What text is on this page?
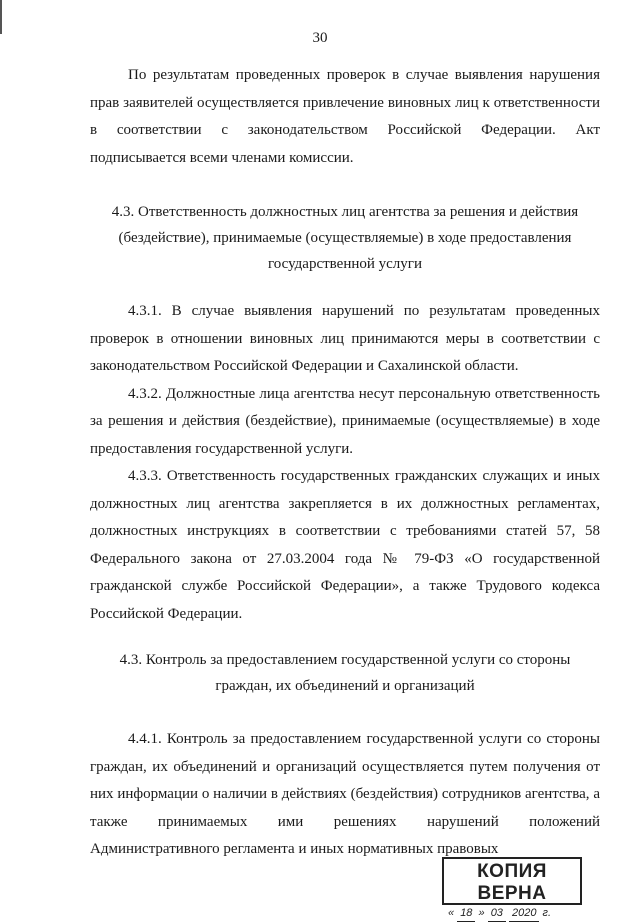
30

По результатам проведенных проверок в случае выявления нарушения прав заявителей осуществляется привлечение виновных лиц к ответственности в соответствии с законодательством Российской Федерации. Акт подписывается всеми членами комиссии.

4.3. Ответственность должностных лиц агентства за решения и действия (бездействие), принимаемые (осуществляемые) в ходе предоставления государственной услуги

4.3.1. В случае выявления нарушений по результатам проведенных проверок в отношении виновных лиц принимаются меры в соответствии с законодательством Российской Федерации и Сахалинской области.

4.3.2. Должностные лица агентства несут персональную ответственность за решения и действия (бездействие), принимаемые (осуществляемые) в ходе предоставления государственной услуги.

4.3.3. Ответственность государственных гражданских служащих и иных должностных лиц агентства закрепляется в их должностных регламентах, должностных инструкциях в соответствии с требованиями статей 57, 58 Федерального закона от 27.03.2004 года № 79-ФЗ «О государственной гражданской службе Российской Федерации», а также Трудового кодекса Российской Федерации.

4.3. Контроль за предоставлением государственной услуги со стороны граждан, их объединений и организаций

4.4.1. Контроль за предоставлением государственной услуги со стороны граждан, их объединений и организаций осуществляется путем получения от них информации о наличии в действиях (бездействия) сотрудников агентства, а также принимаемых ими решениях нарушений положений Административного регламента и иных нормативных правовых

КОПИЯ ВЕРНА
« 18 » 03 2020 г.
